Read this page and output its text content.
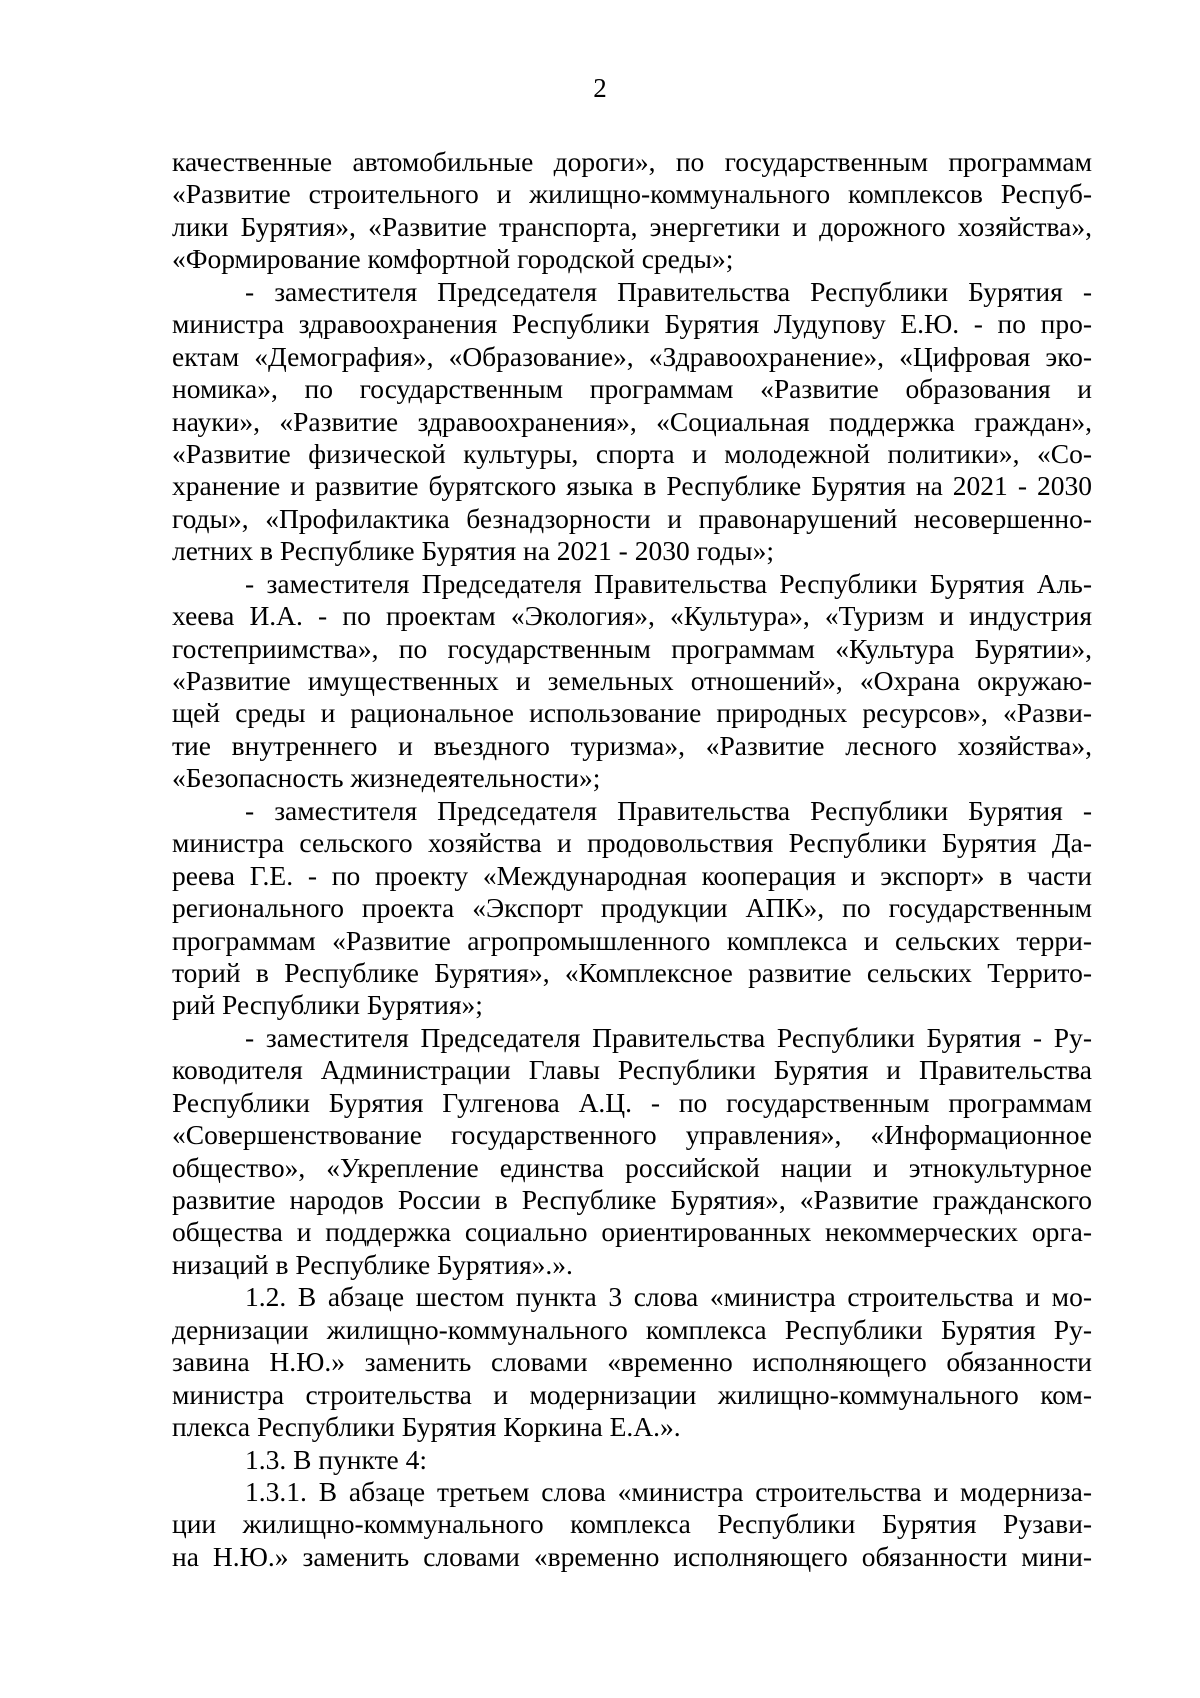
2
качественные автомобильные дороги», по государственным программам
«Развитие строительного и жилищно-коммунального комплексов Респуб-
лики Бурятия», «Развитие транспорта, энергетики и дорожного хозяйства»,
«Формирование комфортной городской среды»;
- заместителя Председателя Правительства Республики Бурятия -
министра здравоохранения Республики Бурятия Лудупову Е.Ю. - по про-
ектам «Демография», «Образование», «Здравоохранение», «Цифровая эко-
номика», по государственным программам «Развитие образования и
науки», «Развитие здравоохранения», «Социальная поддержка граждан»,
«Развитие физической культуры, спорта и молодежной политики», «Со-
хранение и развитие бурятского языка в Республике Бурятия на 2021 - 2030
годы», «Профилактика безнадзорности и правонарушений несовершенно-
летних в Республике Бурятия на 2021 - 2030 годы»;
- заместителя Председателя Правительства Республики Бурятия Аль-
хеева И.А. - по проектам «Экология», «Культура», «Туризм и индустрия
гостеприимства», по государственным программам «Культура Бурятии»,
«Развитие имущественных и земельных отношений», «Охрана окружаю-
щей среды и рациональное использование природных ресурсов», «Разви-
тие внутреннего и въездного туризма», «Развитие лесного хозяйства»,
«Безопасность жизнедеятельности»;
- заместителя Председателя Правительства Республики Бурятия -
министра сельского хозяйства и продовольствия Республики Бурятия Да-
реева Г.Е. - по проекту «Международная кооперация и экспорт» в части
регионального проекта «Экспорт продукции АПК», по государственным
программам «Развитие агропромышленного комплекса и сельских терри-
торий в Республике Бурятия», «Комплексное развитие сельских Террито-
рий Республики Бурятия»;
- заместителя Председателя Правительства Республики Бурятия - Ру-
ководителя Администрации Главы Республики Бурятия и Правительства
Республики Бурятия Гулгенова А.Ц. - по государственным программам
«Совершенствование государственного управления», «Информационное
общество», «Укрепление единства российской нации и этнокультурное
развитие народов России в Республике Бурятия», «Развитие гражданского
общества и поддержка социально ориентированных некоммерческих орга-
низаций в Республике Бурятия».».
1.2. В абзаце шестом пункта 3 слова «министра строительства и мо-
дернизации жилищно-коммунального комплекса Республики Бурятия Ру-
завина Н.Ю.» заменить словами «временно исполняющего обязанности
министра строительства и модернизации жилищно-коммунального ком-
плекса Республики Бурятия Коркина Е.А.».
1.3. В пункте 4:
1.3.1. В абзаце третьем слова «министра строительства и модерниза-
ции жилищно-коммунального комплекса Республики Бурятия Рузави-
на Н.Ю.» заменить словами «временно исполняющего обязанности мини-
